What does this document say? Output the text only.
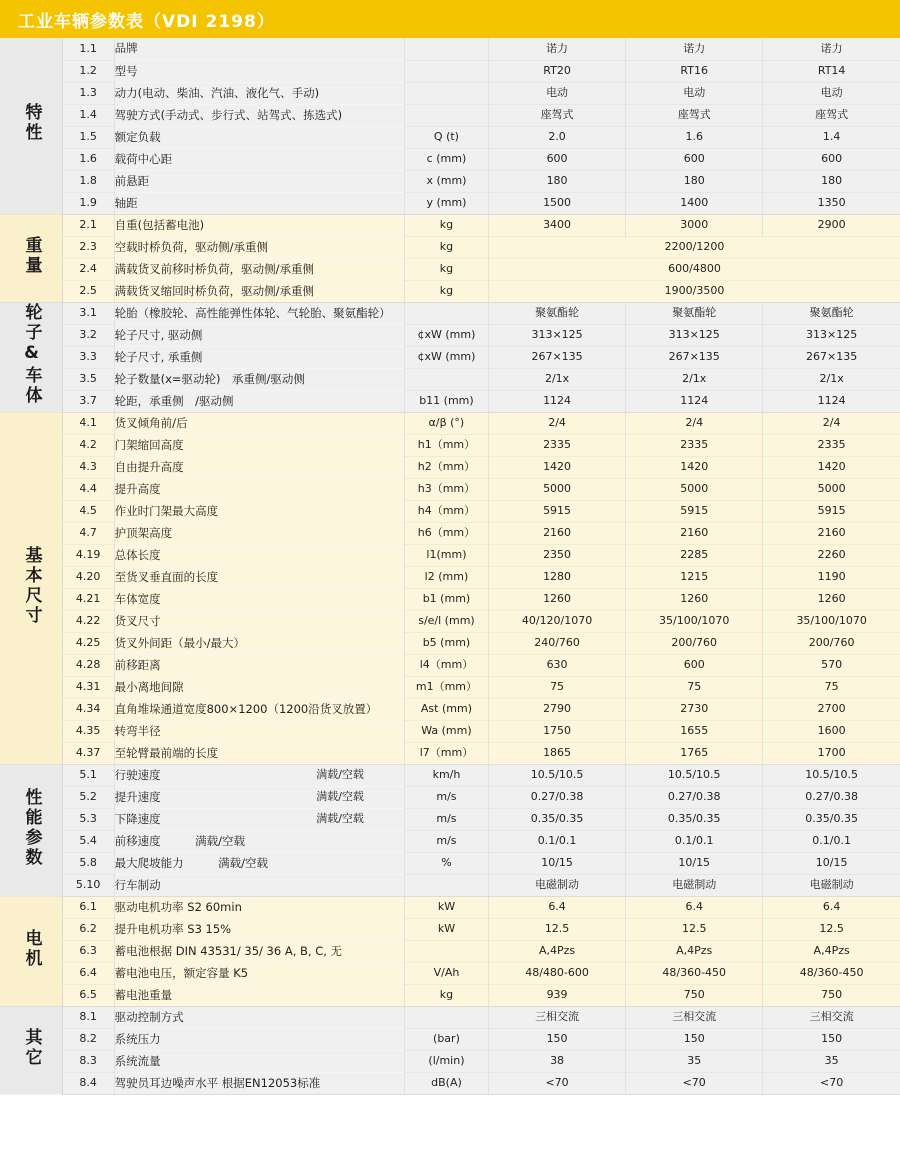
工业车辆参数表（VDI 2198）
特性	1.1	品牌		诺力	诺力	诺力
	1.2	型号		RT20	RT16	RT14
	1.3	动力(电动、柴油、汽油、液化气、手动)		电动	电动	电动
	1.4	驾驶方式(手动式、步行式、站驾式、拣选式)		座驾式	座驾式	座驾式
	1.5	额定负载	Q (t)	2.0	1.6	1.4
	1.6	载荷中心距	c (mm)	600	600	600
	1.8	前悬距	x (mm)	180	180	180
	1.9	轴距	y (mm)	1500	1400	1350
重量	2.1	自重(包括蓄电池)	kg	3400	3000	2900
	2.3	空载时桥负荷，驱动侧/承重侧	kg	2200/1200		
	2.4	满载货叉前移时桥负荷，驱动侧/承重侧	kg	600/4800		
	2.5	满载货叉缩回时桥负荷，驱动侧/承重侧	kg	1900/3500		
轮子&车体	3.1	轮胎（橡胶轮、高性能弹性体轮、气轮胎、聚氨酯轮）		聚氨酯轮	聚氨酯轮	聚氨酯轮
	3.2	轮子尺寸, 驱动侧	¢xW (mm)	313×125	313×125	313×125
	3.3	轮子尺寸, 承重侧	¢xW (mm)	267×135	267×135	267×135
	3.5	轮子数量(x=驱动轮)　承重侧/驱动侧		2/1x	2/1x	2/1x
	3.7	轮距，承重侧　/驱动侧	b11 (mm)	1124	1124	1124
基本尺寸	4.1	货叉倾角前/后	α/β (°)	2/4	2/4	2/4
	4.2	门架缩回高度	h1（mm）	2335	2335	2335
	4.3	自由提升高度	h2（mm）	1420	1420	1420
	4.4	提升高度	h3（mm）	5000	5000	5000
	4.5	作业时门架最大高度	h4（mm）	5915	5915	5915
	4.7	护顶架高度	h6（mm）	2160	2160	2160
	4.19	总体长度	l1(mm)	2350	2285	2260
	4.20	至货叉垂直面的长度	l2 (mm)	1280	1215	1190
	4.21	车体宽度	b1 (mm)	1260	1260	1260
	4.22	货叉尺寸	s/e/l (mm)	40/120/1070	35/100/1070	35/100/1070
	4.25	货叉外间距（最小/最大）	b5 (mm)	240/760	200/760	200/760
	4.28	前移距离	l4（mm）	630	600	570
	4.31	最小离地间隙	m1（mm）	75	75	75
	4.34	直角堆垛通道宽度800×1200（1200沿货叉放置）	Ast (mm)	2790	2730	2700
	4.35	转弯半径	Wa (mm)	1750	1655	1600
	4.37	至轮臂最前端的长度	l7（mm）	1865	1765	1700
性能参数	5.1	行驶速度 满载/空载	km/h	10.5/10.5	10.5/10.5	10.5/10.5
	5.2	提升速度 满载/空载	m/s	0.27/0.38	0.27/0.38	0.27/0.38
	5.3	下降速度 满载/空载	m/s	0.35/0.35	0.35/0.35	0.35/0.35
	5.4	前移速度　　　满载/空载	m/s	0.1/0.1	0.1/0.1	0.1/0.1
	5.8	最大爬坡能力　　　满载/空载	%	10/15	10/15	10/15
	5.10	行车制动		电磁制动	电磁制动	电磁制动
电机	6.1	驱动电机功率 S2 60min	kW	6.4	6.4	6.4
	6.2	提升电机功率 S3 15%	kW	12.5	12.5	12.5
	6.3	蓄电池根据 DIN 43531/ 35/ 36 A, B, C, 无		A,4Pzs	A,4Pzs	A,4Pzs
	6.4	蓄电池电压，额定容量 K5	V/Ah	48/480-600	48/360-450	48/360-450
	6.5	蓄电池重量	kg	939	750	750
其它	8.1	驱动控制方式		三相交流	三相交流	三相交流
	8.2	系统压力	(bar)	150	150	150
	8.3	系统流量	(l/min)	38	35	35
	8.4	驾驶员耳边噪声水平 根据EN12053标准	dB(A)	<70	<70	<70
